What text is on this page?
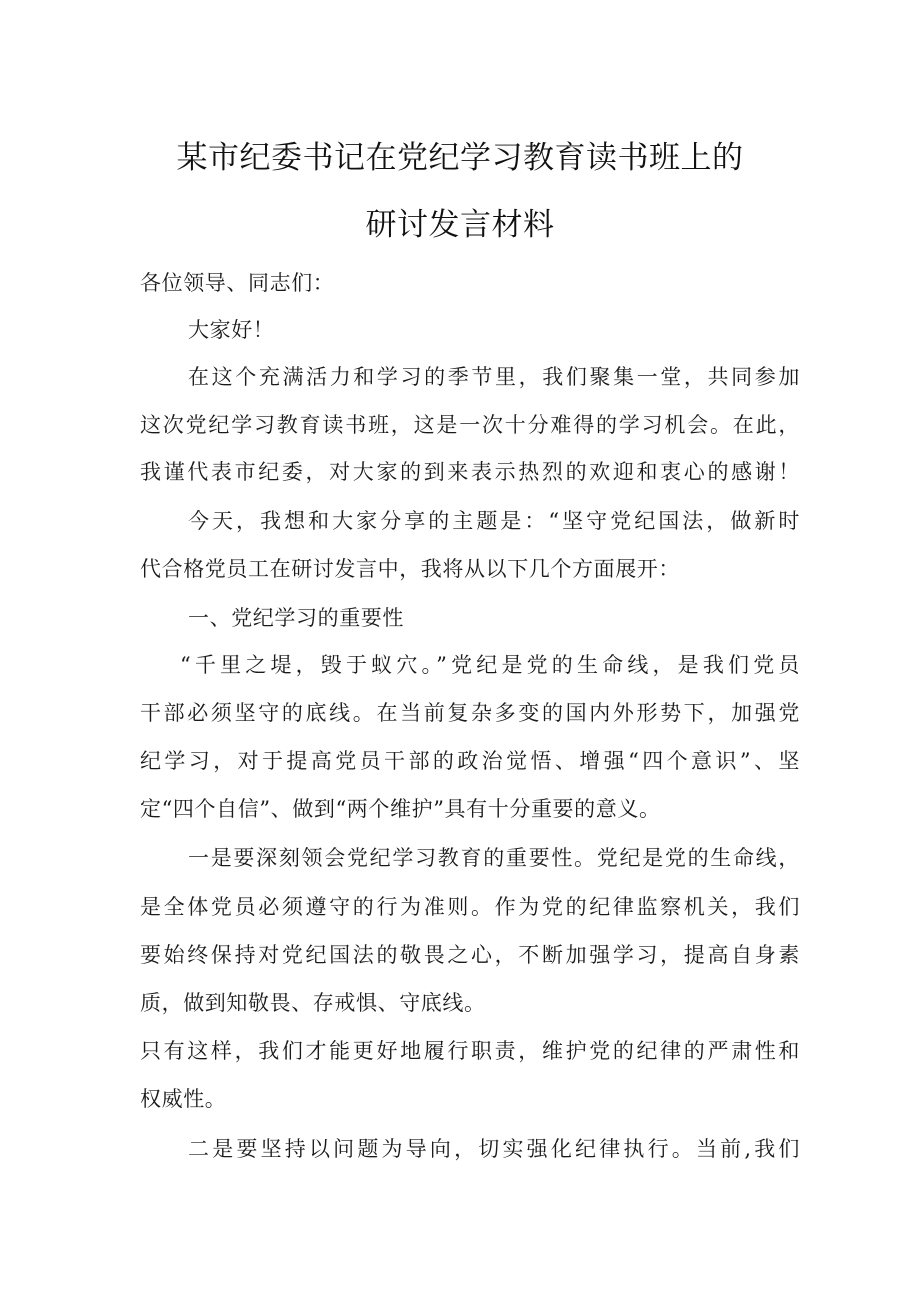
某市纪委书记在党纪学习教育读书班上的
研讨发言材料
各位领导、同志们：
大家好！
在这个充满活力和学习的季节里，我们聚集一堂，共同参加
这次党纪学习教育读书班，这是一次十分难得的学习机会。在此，
我谨代表市纪委，对大家的到来表示热烈的欢迎和衷心的感谢！
今天，我想和大家分享的主题是：“坚守党纪国法，做新时
代合格党员工在研讨发言中，我将从以下几个方面展开：
一、党纪学习的重要性
“千里之堤，毁于蚁穴。”党纪是党的生命线，是我们党员
干部必须坚守的底线。在当前复杂多变的国内外形势下，加强党
纪学习，对于提高党员干部的政治觉悟、增强“四个意识”、坚
定“四个自信”、做到“两个维护”具有十分重要的意义。
一是要深刻领会党纪学习教育的重要性。党纪是党的生命线，
是全体党员必须遵守的行为准则。作为党的纪律监察机关，我们
要始终保持对党纪国法的敬畏之心，不断加强学习，提高自身素
质，做到知敬畏、存戒惧、守底线。
只有这样，我们才能更好地履行职责，维护党的纪律的严肃性和
权威性。
二是要坚持以问题为导向，切实强化纪律执行。当前,我们
